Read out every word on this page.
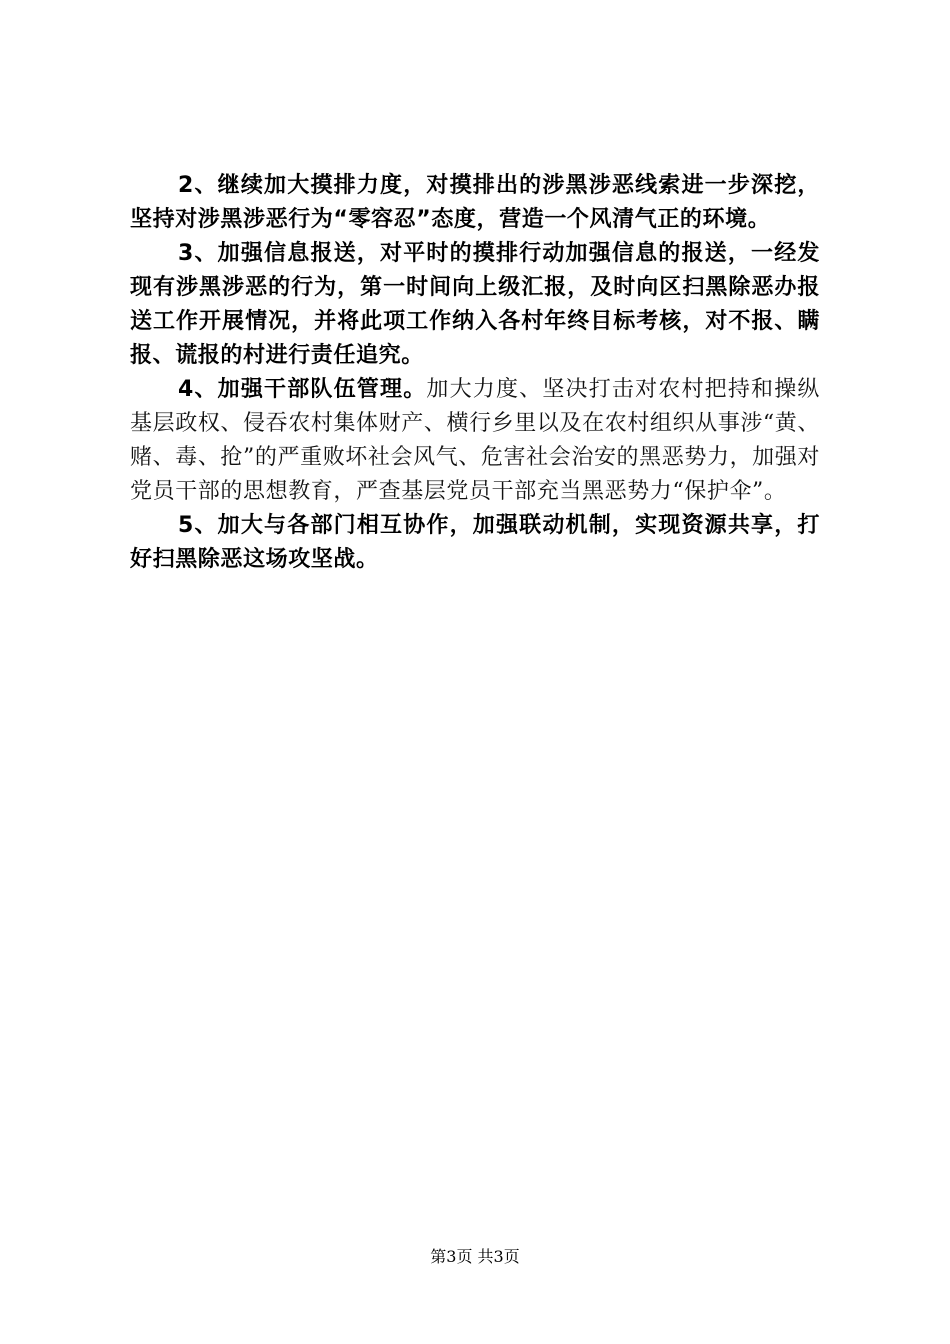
2、继续加大摸排力度，对摸排出的涉黑涉恶线索进一步深挖，坚持对涉黑涉恶行为“零容忍”态度，营造一个风清气正的环境。

3、加强信息报送，对平时的摸排行动加强信息的报送，一经发现有涉黑涉恶的行为，第一时间向上级汇报，及时向区扫黑除恶办报送工作开展情况，并将此项工作纳入各村年终目标考核，对不报、瞒报、谎报的村进行责任追究。

4、加强干部队伍管理。加大力度、坚决打击对农村把持和操纵基层政权、侵吞农村集体财产、横行乡里以及在农村组织从事涉“黄、赌、毒、抢”的严重败坏社会风气、危害社会治安的黑恶势力，加强对党员干部的思想教育，严查基层党员干部充当黑恶势力“保护伞”。

5、加大与各部门相互协作，加强联动机制，实现资源共享，打好扫黑除恶这场攻坚战。

第3页 共3页
